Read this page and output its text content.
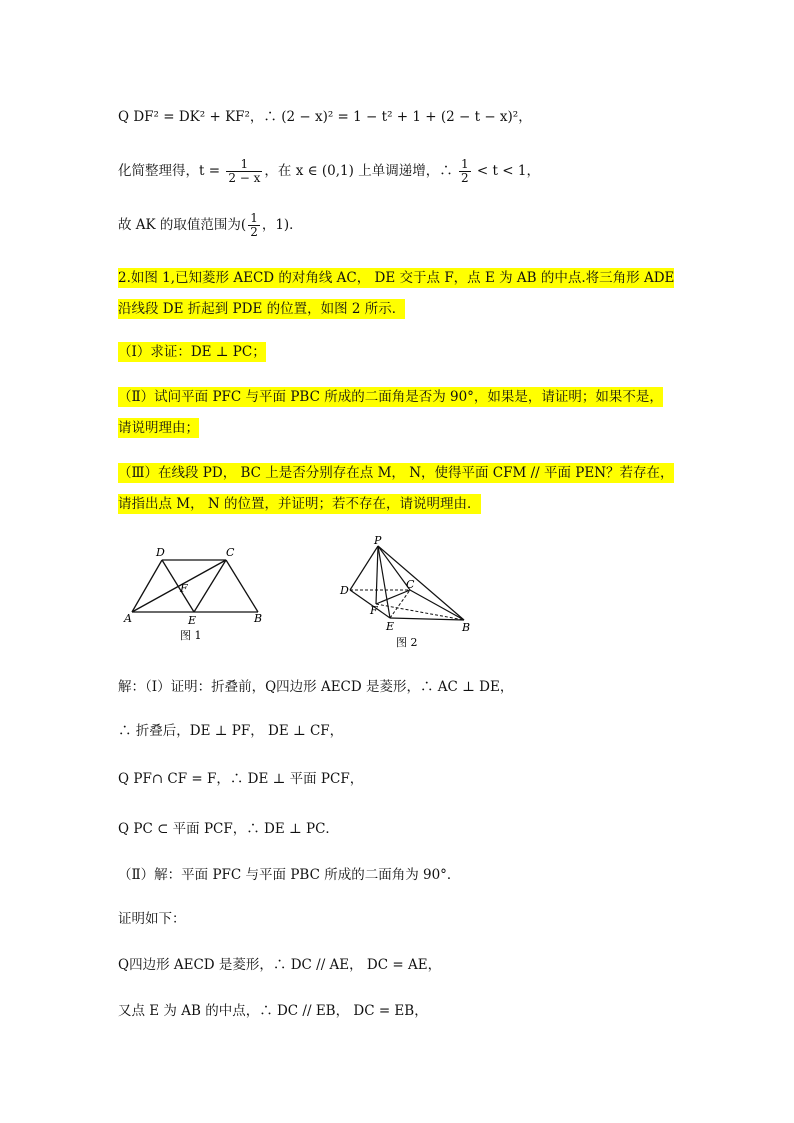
Q DF² = DK² + KF²，∴ (2 − x)² = 1 − t² + 1 + (2 − t − x)²，
化简整理得，$t = \frac{1}{2 - x}$ ，在 x ∈ (0,1) 上单调递增，∴ $\frac{1}{2} < t < 1$，
故 AK 的取值范围为( $\frac{1}{2}$ ，1)．
2.如图 1,已知菱形 AECD 的对角线 AC， DE 交于点 F，点 E 为 AB 的中点.将三角形 ADE
沿线段 DE 折起到 PDE 的位置，如图 2 所示．
（Ⅰ）求证：DE ⊥ PC；
（Ⅱ）试问平面 PFC 与平面 PBC 所成的二面角是否为 90°，如果是，请证明；如果不是，
请说明理由；
（Ⅲ）在线段 PD， BC 上是否分别存在点 M， N，使得平面 CFM // 平面 PEN？若存在，
请指出点 M， N 的位置，并证明；若不存在，请说明理由．
D	C
F
A	E	B
图 1
P
D	C
F
E	B
图 2
解：（Ⅰ）证明：折叠前，Q四边形 AECD 是菱形，∴ AC ⊥ DE，
∴ 折叠后，DE ⊥ PF， DE ⊥ CF，
Q PF∩ CF = F，∴ DE ⊥ 平面 PCF，
Q PC ⊂ 平面 PCF，∴ DE ⊥ PC．
（Ⅱ）解：平面 PFC 与平面 PBC 所成的二面角为 90°．
证明如下：
Q四边形 AECD 是菱形，∴ DC // AE， DC = AE，
又点 E 为 AB 的中点，∴ DC // EB， DC = EB，
